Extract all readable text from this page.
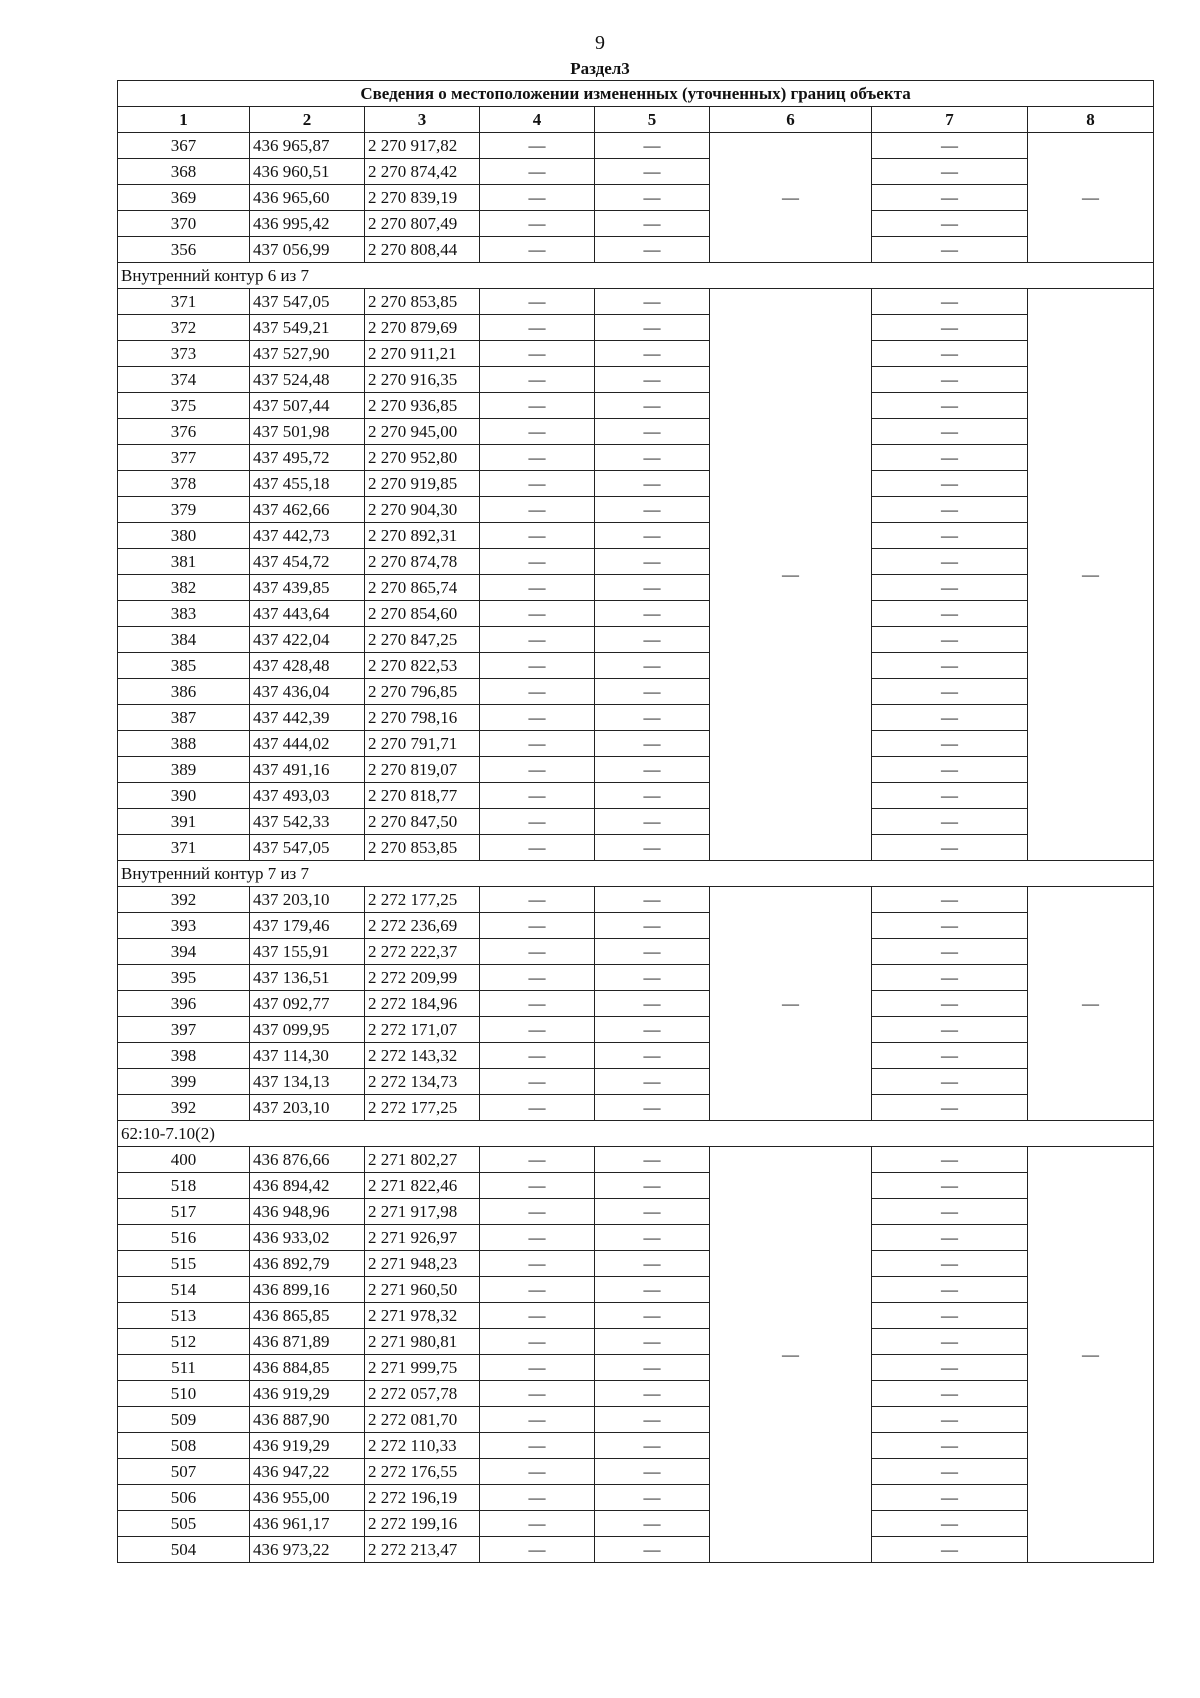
9
Раздел3
Сведения о местоположении измененных (уточненных) границ объекта							
1	2	3	4	5	6	7	8
367	436 965,87	2 270 917,82	—	—	—	—	—
368	436 960,51	2 270 874,42	—	—		—	
369	436 965,60	2 270 839,19	—	—		—	
370	436 995,42	2 270 807,49	—	—		—	
356	437 056,99	2 270 808,44	—	—		—	
Внутренний контур 6 из 7							
371	437 547,05	2 270 853,85	—	—	—	—	—
372	437 549,21	2 270 879,69	—	—		—	
373	437 527,90	2 270 911,21	—	—		—	
374	437 524,48	2 270 916,35	—	—		—	
375	437 507,44	2 270 936,85	—	—		—	
376	437 501,98	2 270 945,00	—	—		—	
377	437 495,72	2 270 952,80	—	—		—	
378	437 455,18	2 270 919,85	—	—		—	
379	437 462,66	2 270 904,30	—	—		—	
380	437 442,73	2 270 892,31	—	—		—	
381	437 454,72	2 270 874,78	—	—		—	
382	437 439,85	2 270 865,74	—	—		—	
383	437 443,64	2 270 854,60	—	—		—	
384	437 422,04	2 270 847,25	—	—		—	
385	437 428,48	2 270 822,53	—	—		—	
386	437 436,04	2 270 796,85	—	—		—	
387	437 442,39	2 270 798,16	—	—		—	
388	437 444,02	2 270 791,71	—	—		—	
389	437 491,16	2 270 819,07	—	—		—	
390	437 493,03	2 270 818,77	—	—		—	
391	437 542,33	2 270 847,50	—	—		—	
371	437 547,05	2 270 853,85	—	—		—	
Внутренний контур 7 из 7							
392	437 203,10	2 272 177,25	—	—	—	—	—
393	437 179,46	2 272 236,69	—	—		—	
394	437 155,91	2 272 222,37	—	—		—	
395	437 136,51	2 272 209,99	—	—		—	
396	437 092,77	2 272 184,96	—	—		—	
397	437 099,95	2 272 171,07	—	—		—	
398	437 114,30	2 272 143,32	—	—		—	
399	437 134,13	2 272 134,73	—	—		—	
392	437 203,10	2 272 177,25	—	—		—	
62:10-7.10(2)							
400	436 876,66	2 271 802,27	—	—	—	—	—
518	436 894,42	2 271 822,46	—	—		—	
517	436 948,96	2 271 917,98	—	—		—	
516	436 933,02	2 271 926,97	—	—		—	
515	436 892,79	2 271 948,23	—	—		—	
514	436 899,16	2 271 960,50	—	—		—	
513	436 865,85	2 271 978,32	—	—		—	
512	436 871,89	2 271 980,81	—	—		—	
511	436 884,85	2 271 999,75	—	—		—	
510	436 919,29	2 272 057,78	—	—		—	
509	436 887,90	2 272 081,70	—	—		—	
508	436 919,29	2 272 110,33	—	—		—	
507	436 947,22	2 272 176,55	—	—		—	
506	436 955,00	2 272 196,19	—	—		—	
505	436 961,17	2 272 199,16	—	—		—	
504	436 973,22	2 272 213,47	—	—		—	
